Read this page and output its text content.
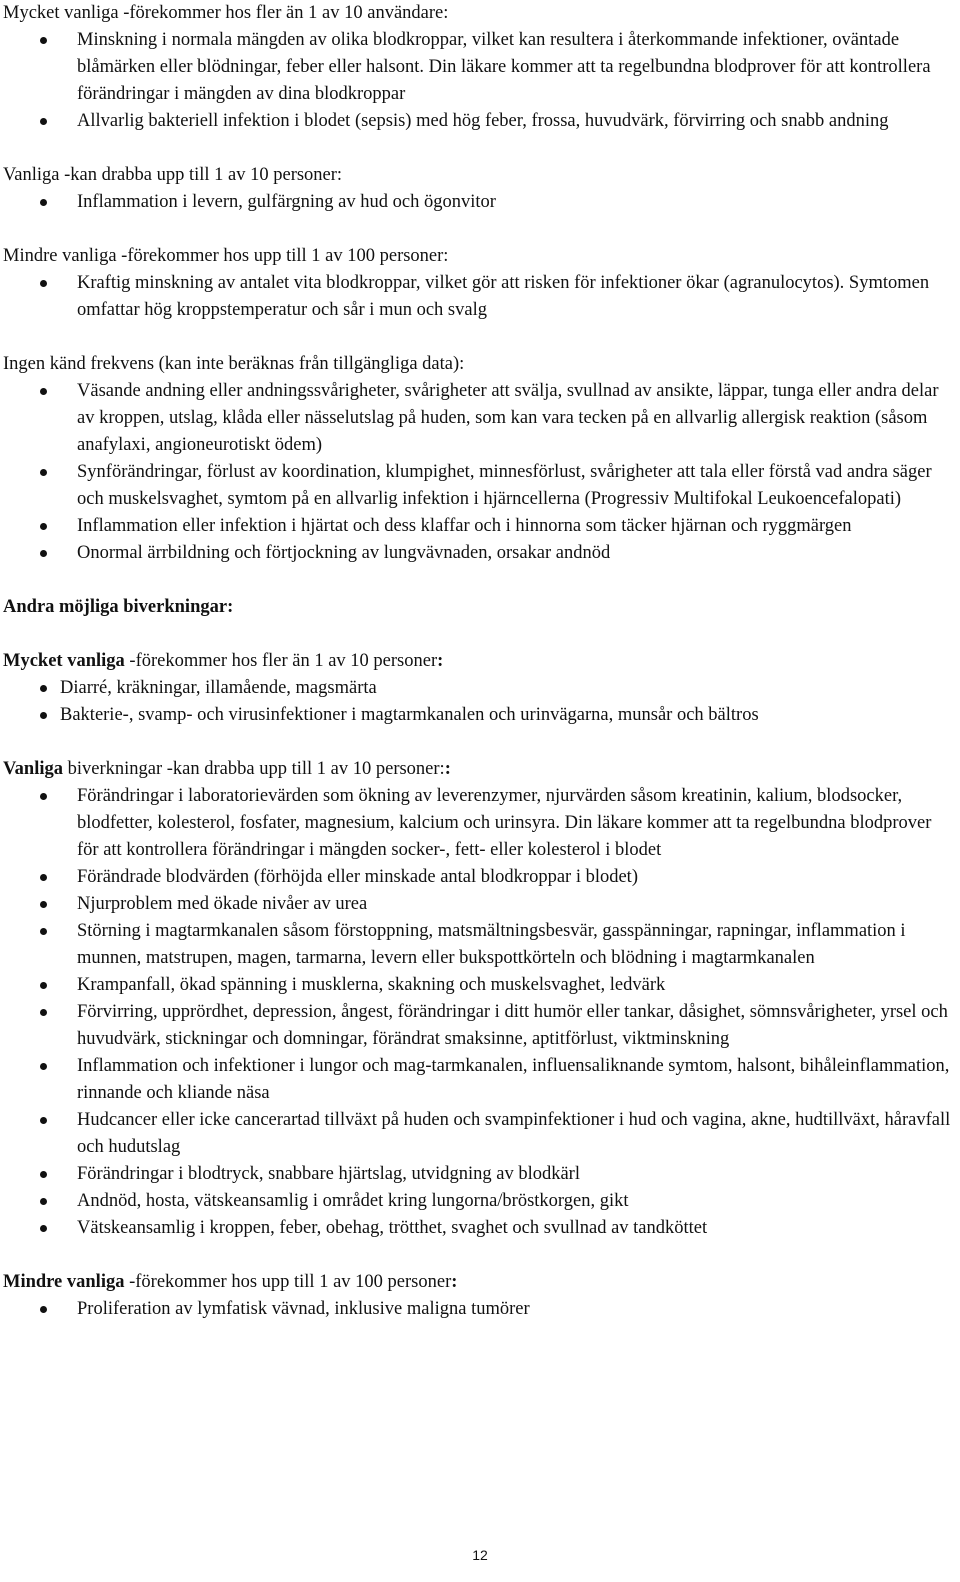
Mycket vanliga -förekommer hos fler än 1 av 10 användare:

Minskning i normala mängden av olika blodkroppar, vilket kan resultera i återkommande infektioner, oväntade blåmärken eller blödningar, feber eller halsont. Din läkare kommer att ta regelbundna blodprover för att kontrollera förändringar i mängden av dina blodkroppar
Allvarlig bakteriell infektion i blodet (sepsis) med hög feber, frossa, huvudvärk, förvirring och snabb andning

Vanliga -kan drabba upp till 1 av 10 personer:

Inflammation i levern, gulfärgning av hud och ögonvitor

Mindre vanliga -förekommer hos upp till 1 av 100 personer:

Kraftig minskning av antalet vita blodkroppar, vilket gör att risken för infektioner ökar (agranulocytos). Symtomen omfattar hög kroppstemperatur och sår i mun och svalg

Ingen känd frekvens (kan inte beräknas från tillgängliga data):

Väsande andning eller andningssvårigheter, svårigheter att svälja, svullnad av ansikte, läppar, tunga eller andra delar av kroppen, utslag, klåda eller nässelutslag på huden, som kan vara tecken på en allvarlig allergisk reaktion (såsom anafylaxi, angioneurotiskt ödem)
Synförändringar, förlust av koordination, klumpighet, minnesförlust, svårigheter att tala eller förstå vad andra säger och muskelsvaghet, symtom på en allvarlig infektion i hjärncellerna (Progressiv Multifokal Leukoencefalopati)
Inflammation eller infektion i hjärtat och dess klaffar och i hinnorna som täcker hjärnan och ryggmärgen
Onormal ärrbildning och förtjockning av lungvävnaden, orsakar andnöd
Andra möjliga biverkningar:

Mycket vanliga -förekommer hos fler än 1 av 10 personer:

Diarré, kräkningar, illamående, magsmärta
Bakterie-, svamp- och virusinfektioner i magtarmkanalen och urinvägarna, munsår och bältros

Vanliga biverkningar -kan drabba upp till 1 av 10 personer::

Förändringar i laboratorievärden som ökning av leverenzymer, njurvärden såsom kreatinin, kalium, blodsocker, blodfetter, kolesterol, fosfater, magnesium, kalcium och urinsyra. Din läkare kommer att ta regelbundna blodprover för att kontrollera förändringar i mängden socker-, fett- eller kolesterol i blodet
Förändrade blodvärden (förhöjda eller minskade antal blodkroppar i blodet)
Njurproblem med ökade nivåer av urea
Störning i magtarmkanalen såsom förstoppning, matsmältningsbesvär, gasspänningar, rapningar, inflammation i munnen, matstrupen, magen, tarmarna, levern eller bukspottkörteln och blödning i magtarmkanalen
Krampanfall, ökad spänning i musklerna, skakning och muskelsvaghet, ledvärk
Förvirring, upprördhet, depression, ångest, förändringar i ditt humör eller tankar, dåsighet, sömnsvårigheter, yrsel och huvudvärk, stickningar och domningar, förändrat smaksinne, aptitförlust, viktminskning
Inflammation och infektioner i lungor och mag-tarmkanalen, influensaliknande symtom, halsont, bihåleinflammation, rinnande och kliande näsa
Hudcancer eller icke cancerartad tillväxt på huden och svampinfektioner i hud och vagina, akne, hudtillväxt, håravfall och hudutslag
Förändringar i blodtryck, snabbare hjärtslag, utvidgning av blodkärl
Andnöd, hosta, vätskeansamlig i området kring lungorna/bröstkorgen, gikt
Vätskeansamlig i kroppen, feber, obehag, trötthet, svaghet och svullnad av tandköttet

Mindre vanliga -förekommer hos upp till 1 av 100 personer:

Proliferation av lymfatisk vävnad, inklusive maligna tumörer
12
